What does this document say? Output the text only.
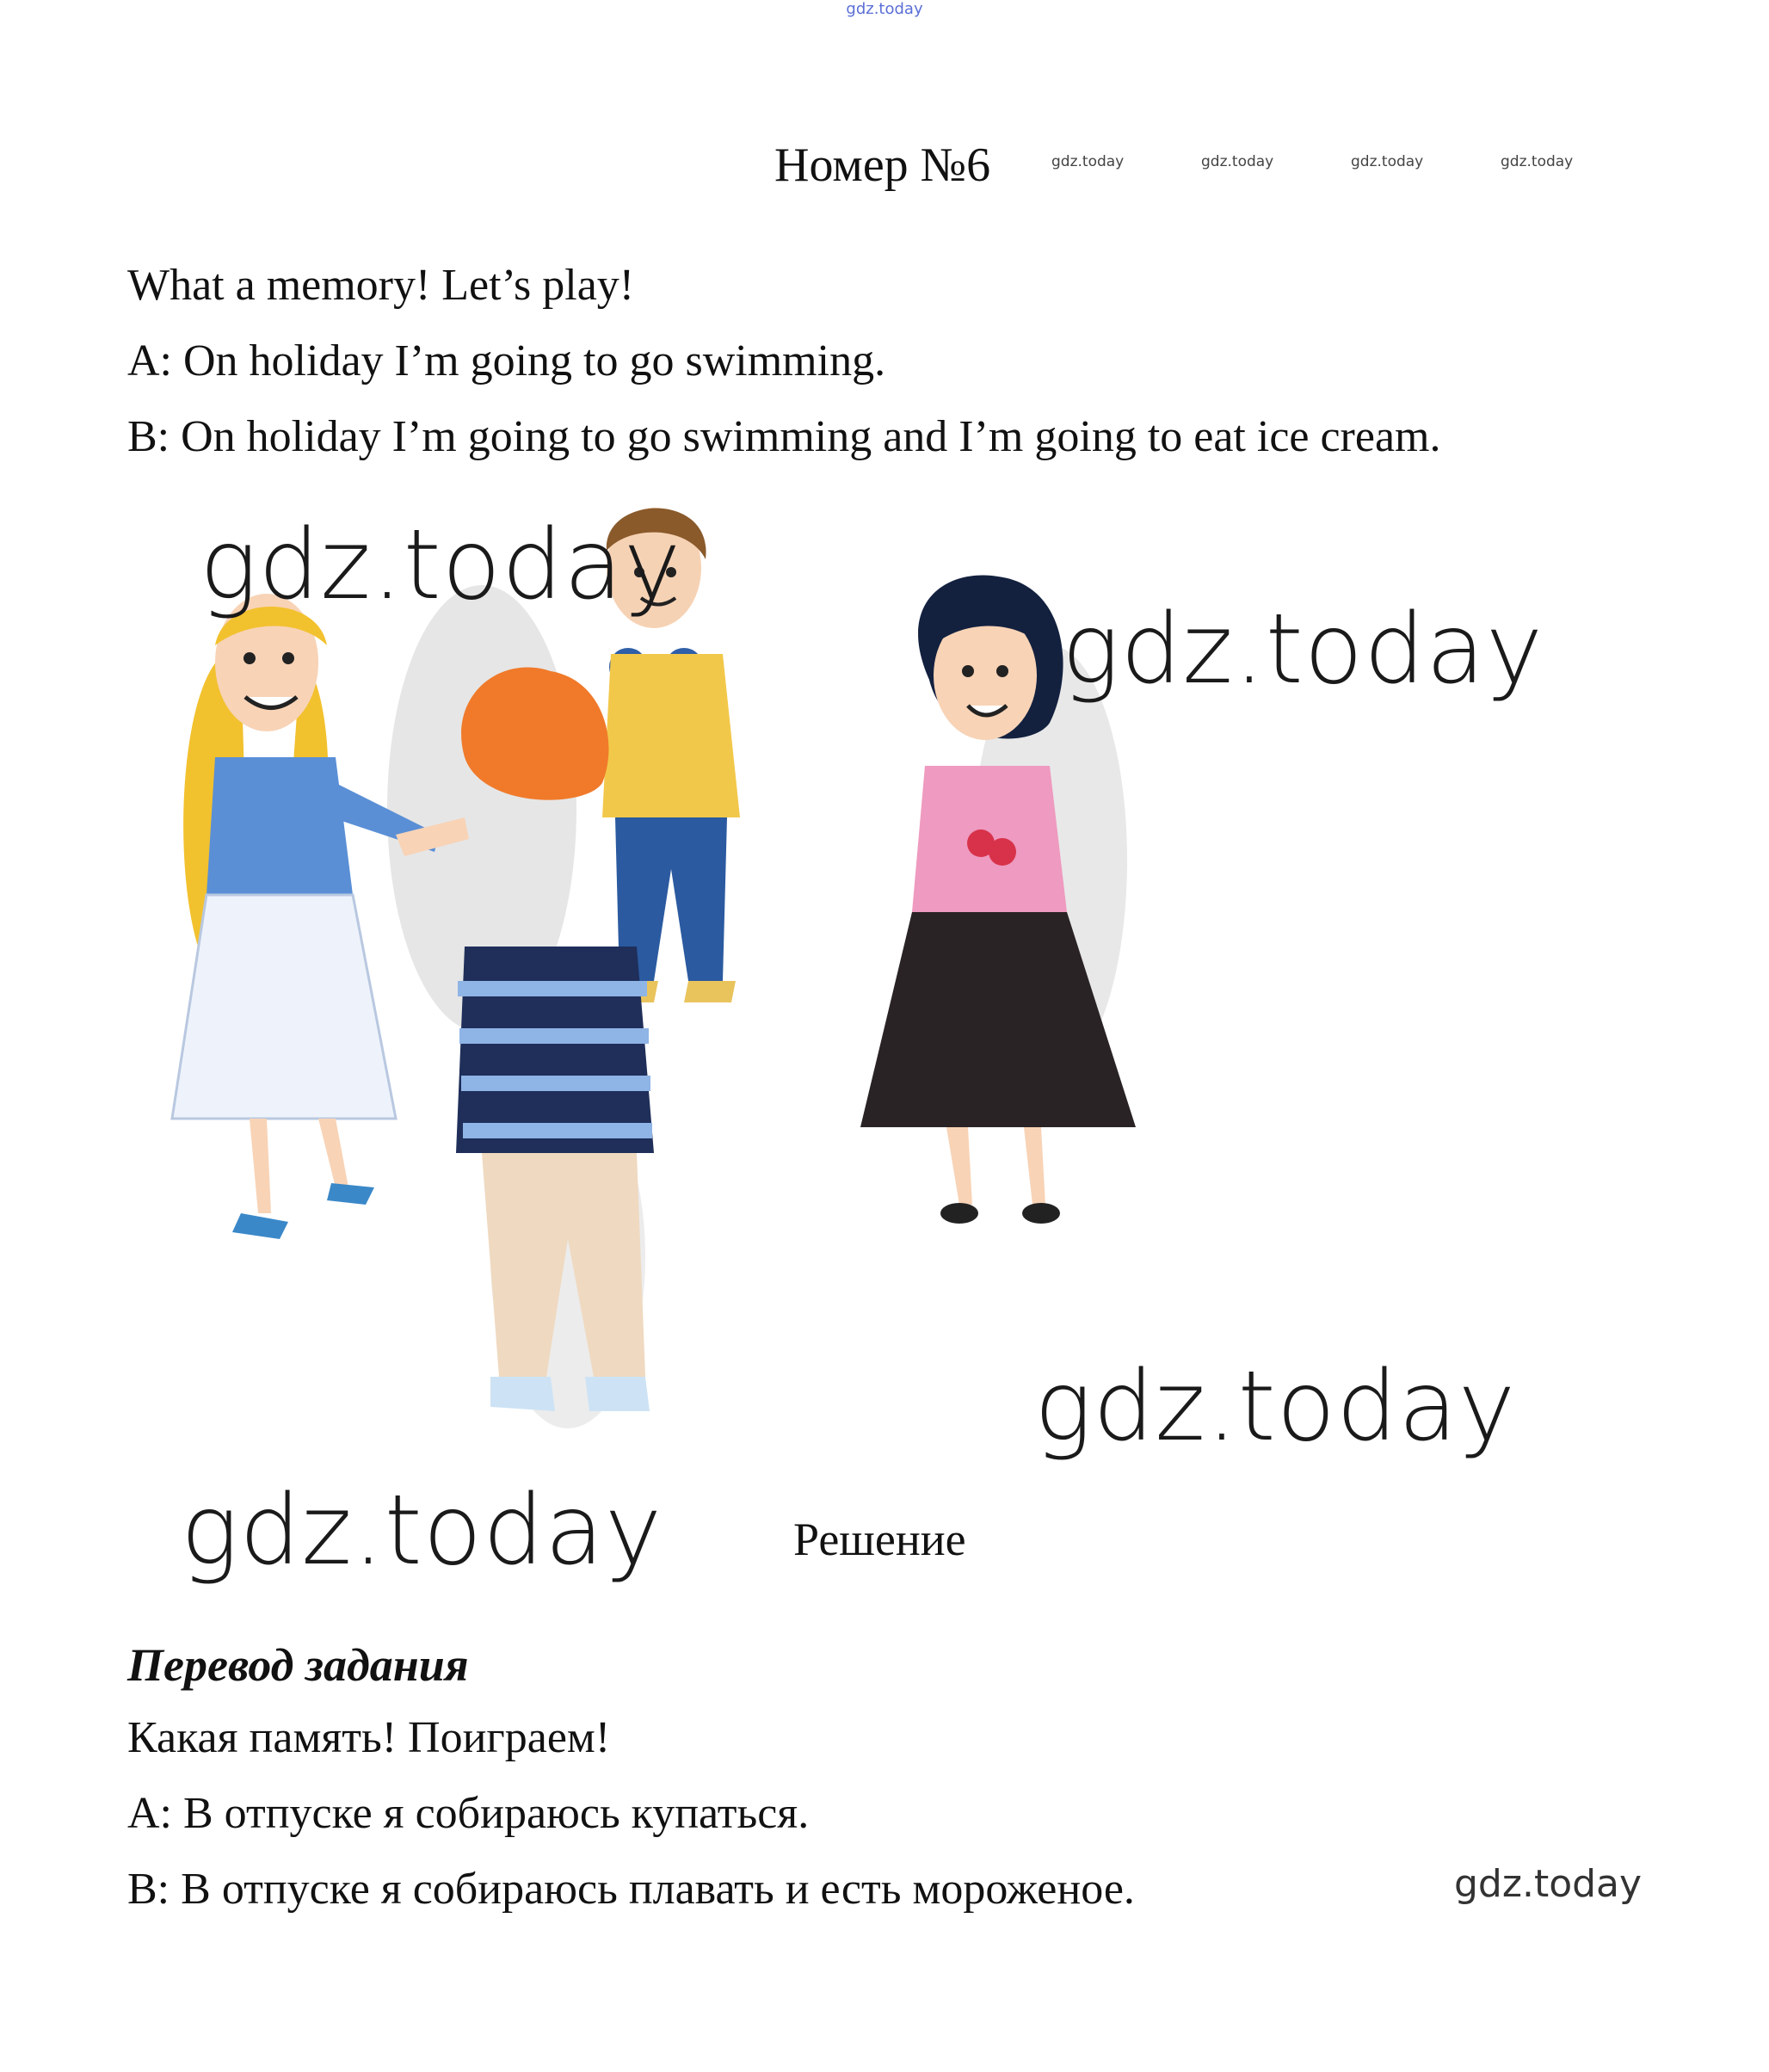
gdz.today
Номер №6	gdz.today	gdz.today	gdz.today	gdz.today
What a memory! Let’s play!
A: On holiday I’m going to go swimming.
B: On holiday I’m going to go swimming and I’m going to eat ice cream.
gdz.today
gdz.today
gdz.today
gdz.today	Решение
Перевод задания
Какая память! Поиграем!
A: В отпуске я собираюсь купаться.
B: В отпуске я собираюсь плавать и есть мороженое.	gdz.today
